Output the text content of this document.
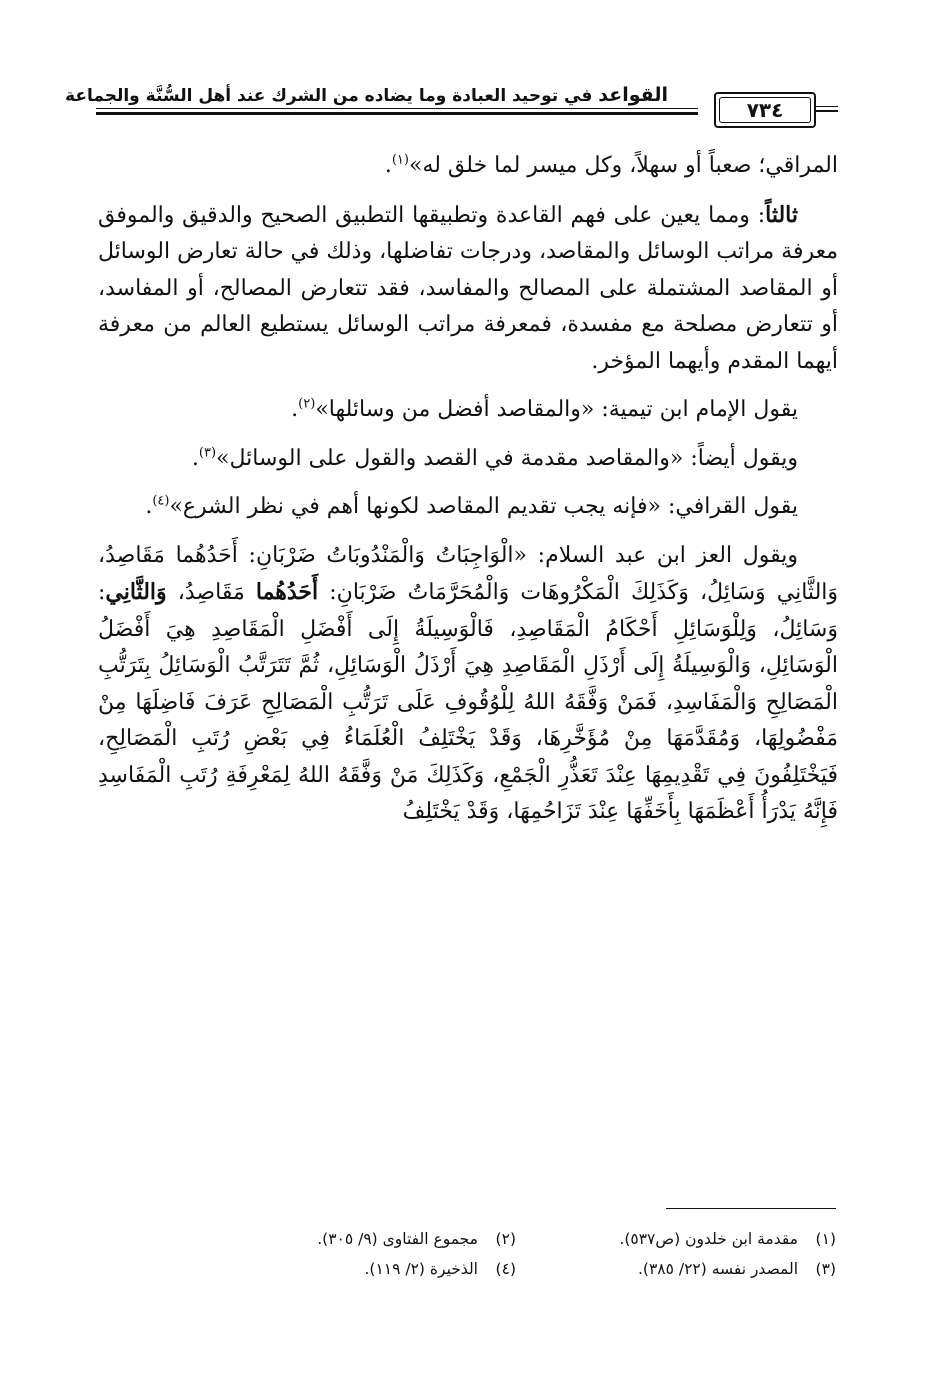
القواعد في توحيد العبادة وما يضاده من الشرك عند أهل السُّنَّة والجماعة
٧٣٤

المراقي؛ صعباً أو سهلاً، وكل ميسر لما خلق له»$^{(١)}$.

ثالثاً: ومما يعين على فهم القاعدة وتطبيقها التطبيق الصحيح والدقيق والموفق معرفة مراتب الوسائل والمقاصد، ودرجات تفاضلها، وذلك في حالة تعارض الوسائل أو المقاصد المشتملة على المصالح والمفاسد، فقد تتعارض المصالح، أو المفاسد، أو تتعارض مصلحة مع مفسدة، فمعرفة مراتب الوسائل يستطيع العالم من معرفة أيهما المقدم وأيهما المؤخر.

يقول الإمام ابن تيمية: «والمقاصد أفضل من وسائلها»$^{(٢)}$.

ويقول أيضاً: «والمقاصد مقدمة في القصد والقول على الوسائل»$^{(٣)}$.

يقول القرافي: «فإنه يجب تقديم المقاصد لكونها أهم في نظر الشرع»$^{(٤)}$.

ويقول العز ابن عبد السلام: «الْوَاجِبَاتُ وَالْمَنْدُوبَاتُ ضَرْبَانِ: أَحَدُهُما مَقَاصِدُ، وَالثَّانِي وَسَائِلُ، وَكَذَلِكَ الْمَكْرُوهَات وَالْمُحَرَّمَاتُ ضَرْبَانِ: أَحَدُهُما مَقَاصِدُ، وَالثَّانِي: وَسَائِلُ، وَلِلْوَسَائِلِ أَحْكَامُ الْمَقَاصِدِ، فَالْوَسِيلَةُ إِلَى أَفْضَلِ الْمَقَاصِدِ هِيَ أَفْضَلُ الْوَسَائِلِ، وَالْوَسِيلَةُ إِلَى أَرْذَلِ الْمَقَاصِدِ هِيَ أَرْذَلُ الْوَسَائِلِ، ثُمَّ تَتَرَتَّبُ الْوَسَائِلُ بِتَرَتُّبِ الْمَصَالِحِ وَالْمَفَاسِدِ، فَمَنْ وَفَّقَهُ اللهُ لِلْوُقُوفِ عَلَى تَرَتُّبِ الْمَصَالِحِ عَرَفَ فَاضِلَهَا مِنْ مَفْضُولِهَا، وَمُقَدَّمَهَا مِنْ مُؤَخَّرِهَا، وَقَدْ يَخْتَلِفُ الْعُلَمَاءُ فِي بَعْضِ رُتَبِ الْمَصَالِحِ، فَيَخْتَلِفُونَ فِي تَقْدِيمِهَا عِنْدَ تَعَذُّرِ الْجَمْعِ، وَكَذَلِكَ مَنْ وَفَّقَهُ اللهُ لِمَعْرِفَةِ رُتَبِ الْمَفَاسِدِ فَإِنَّهُ يَدْرَأُ أَعْظَمَهَا بِأَخَفِّهَا عِنْدَ تَزَاحُمِهَا، وَقَدْ يَخْتَلِفُ

(١)
مقدمة ابن خلدون (ص٥٣٧).
(٢)
مجموع الفتاوى (٩/ ٣٠٥).
(٣)
المصدر نفسه (٢٢/ ٣٨٥).
(٤)
الذخيرة (٢/ ١١٩).
